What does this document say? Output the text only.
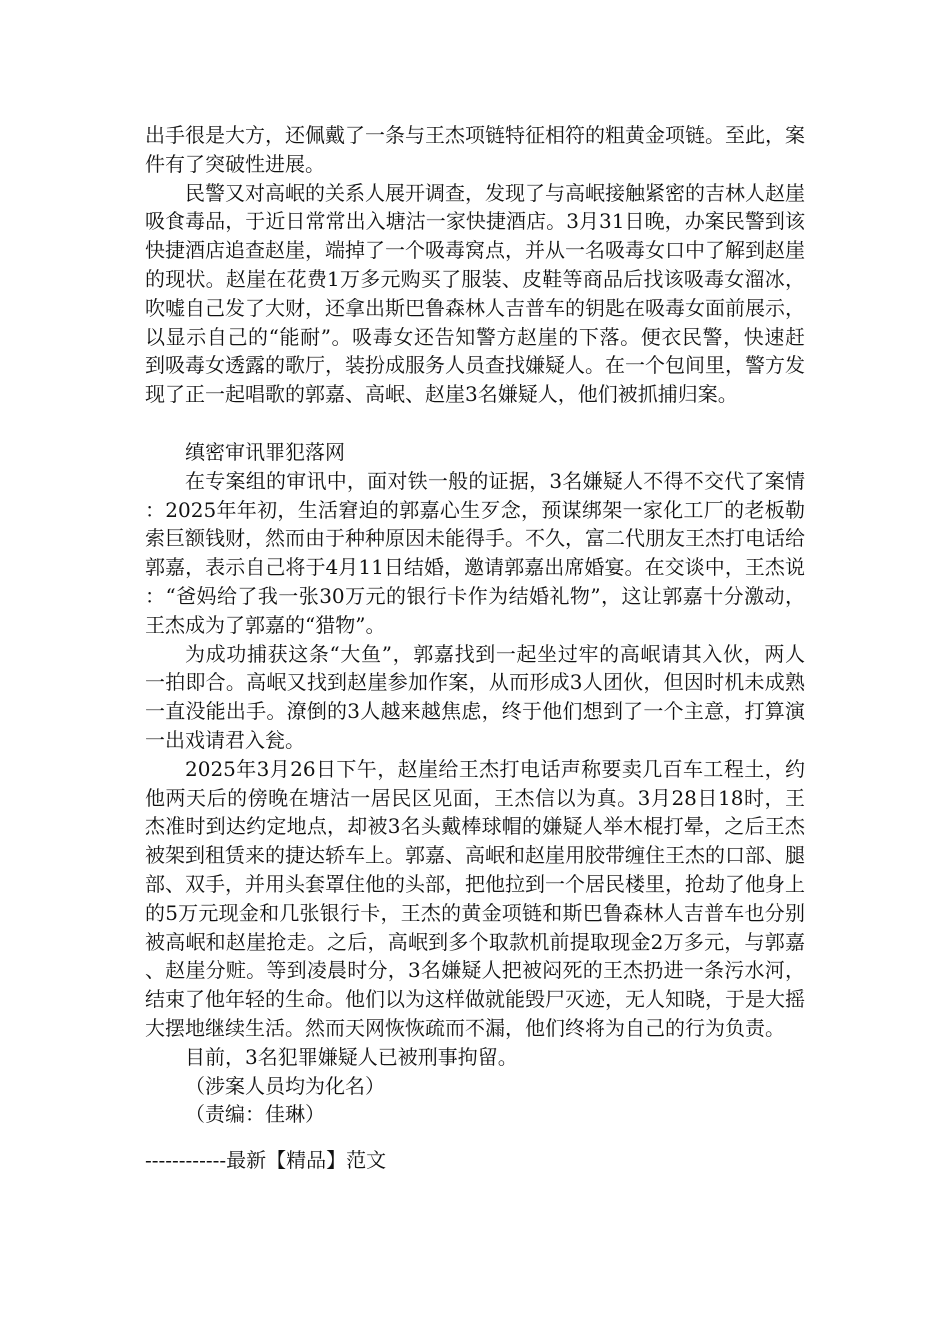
出手很是大方，还佩戴了一条与王杰项链特征相符的粗黄金项链。至此，案件有了突破性进展。

民警又对高岷的关系人展开调查，发现了与高岷接触紧密的吉林人赵崖吸食毒品，于近日常常出入塘沽一家快捷酒店。3月31日晚，办案民警到该快捷酒店追查赵崖，端掉了一个吸毒窝点，并从一名吸毒女口中了解到赵崖的现状。赵崖在花费1万多元购买了服装、皮鞋等商品后找该吸毒女溜冰，吹嘘自己发了大财，还拿出斯巴鲁森林人吉普车的钥匙在吸毒女面前展示，以显示自己的“能耐”。吸毒女还告知警方赵崖的下落。便衣民警，快速赶到吸毒女透露的歌厅，装扮成服务人员查找嫌疑人。在一个包间里，警方发现了正一起唱歌的郭嘉、高岷、赵崖3名嫌疑人，他们被抓捕归案。

缜密审讯罪犯落网

在专案组的审讯中，面对铁一般的证据，3名嫌疑人不得不交代了案情：2025年年初，生活窘迫的郭嘉心生歹念，预谋绑架一家化工厂的老板勒索巨额钱财，然而由于种种原因未能得手。不久，富二代朋友王杰打电话给郭嘉，表示自己将于4月11日结婚，邀请郭嘉出席婚宴。在交谈中，王杰说：“爸妈给了我一张30万元的银行卡作为结婚礼物”，这让郭嘉十分激动，王杰成为了郭嘉的“猎物”。

为成功捕获这条“大鱼”，郭嘉找到一起坐过牢的高岷请其入伙，两人一拍即合。高岷又找到赵崖参加作案，从而形成3人团伙，但因时机未成熟一直没能出手。潦倒的3人越来越焦虑，终于他们想到了一个主意，打算演一出戏请君入瓮。

2025年3月26日下午，赵崖给王杰打电话声称要卖几百车工程土，约他两天后的傍晚在塘沽一居民区见面，王杰信以为真。3月28日18时，王杰准时到达约定地点，却被3名头戴棒球帽的嫌疑人举木棍打晕，之后王杰被架到租赁来的捷达轿车上。郭嘉、高岷和赵崖用胶带缠住王杰的口部、腿部、双手，并用头套罩住他的头部，把他拉到一个居民楼里，抢劫了他身上的5万元现金和几张银行卡，王杰的黄金项链和斯巴鲁森林人吉普车也分别被高岷和赵崖抢走。之后，高岷到多个取款机前提取现金2万多元，与郭嘉、赵崖分赃。等到凌晨时分，3名嫌疑人把被闷死的王杰扔进一条污水河，结束了他年轻的生命。他们以为这样做就能毁尸灭迹，无人知晓，于是大摇大摆地继续生活。然而天网恢恢疏而不漏，他们终将为自己的行为负责。

目前，3名犯罪嫌疑人已被刑事拘留。

（涉案人员均为化名）

（责编：佳琳）

------------最新【精品】范文
